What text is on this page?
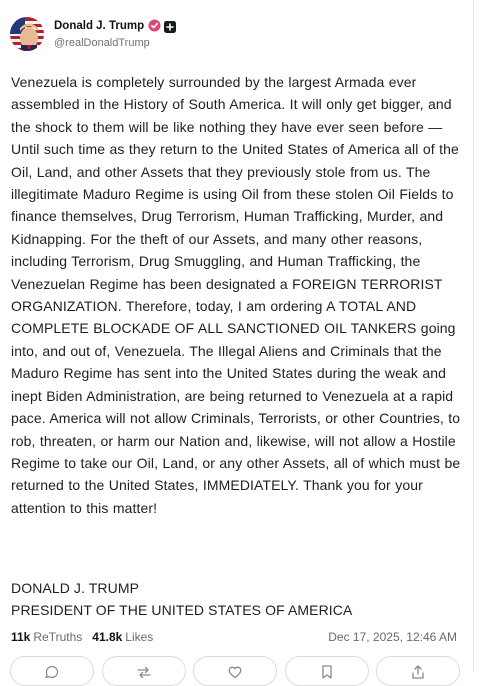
Donald J. Trump
@realDonaldTrump

Venezuela is completely surrounded by the largest Armada ever assembled in the History of South America. It will only get bigger, and the shock to them will be like nothing they have ever seen before — Until such time as they return to the United States of America all of the Oil, Land, and other Assets that they previously stole from us. The illegitimate Maduro Regime is using Oil from these stolen Oil Fields to finance themselves, Drug Terrorism, Human Trafficking, Murder, and Kidnapping. For the theft of our Assets, and many other reasons, including Terrorism, Drug Smuggling, and Human Trafficking, the Venezuelan Regime has been designated a FOREIGN TERRORIST ORGANIZATION. Therefore, today, I am ordering A TOTAL AND COMPLETE BLOCKADE OF ALL SANCTIONED OIL TANKERS going into, and out of, Venezuela. The Illegal Aliens and Criminals that the Maduro Regime has sent into the United States during the weak and inept Biden Administration, are being returned to Venezuela at a rapid pace. America will not allow Criminals, Terrorists, or other Countries, to rob, threaten, or harm our Nation and, likewise, will not allow a Hostile Regime to take our Oil, Land, or any other Assets, all of which must be returned to the United States, IMMEDIATELY. Thank you for your attention to this matter!

DONALD J. TRUMP
PRESIDENT OF THE UNITED STATES OF AMERICA
11k ReTruths 41.8k Likes	Dec 17, 2025, 12:46 AM
